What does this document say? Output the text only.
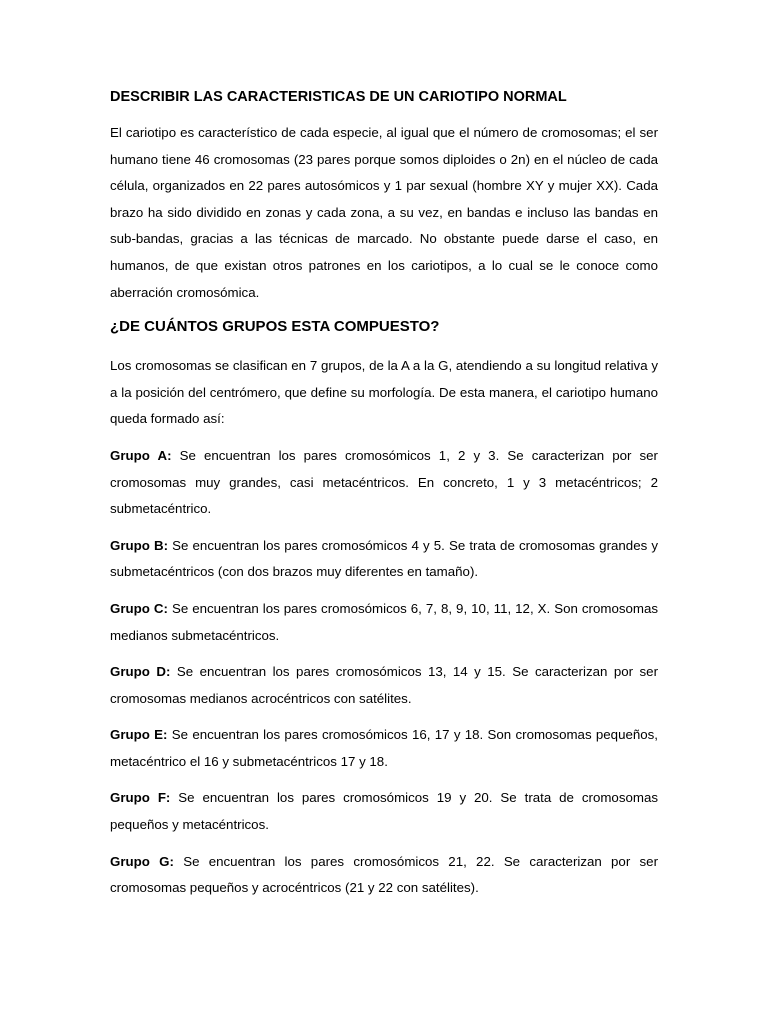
DESCRIBIR LAS CARACTERISTICAS DE UN CARIOTIPO NORMAL

El cariotipo es característico de cada especie, al igual que el número de cromosomas; el ser humano tiene 46 cromosomas (23 pares porque somos diploides o 2n) en el núcleo de cada célula, organizados en 22 pares autosómicos y 1 par sexual (hombre XY y mujer XX). Cada brazo ha sido dividido en zonas y cada zona, a su vez, en bandas e incluso las bandas en sub-bandas, gracias a las técnicas de marcado. No obstante puede darse el caso, en humanos, de que existan otros patrones en los cariotipos, a lo cual se le conoce como aberración cromosómica.

¿DE CUÁNTOS GRUPOS ESTA COMPUESTO?

Los cromosomas se clasifican en 7 grupos, de la A a la G, atendiendo a su longitud relativa y a la posición del centrómero, que define su morfología. De esta manera, el cariotipo humano queda formado así:

Grupo A: Se encuentran los pares cromosómicos 1, 2 y 3. Se caracterizan por ser cromosomas muy grandes, casi metacéntricos. En concreto, 1 y 3 metacéntricos; 2 submetacéntrico.

Grupo B: Se encuentran los pares cromosómicos 4 y 5. Se trata de cromosomas grandes y submetacéntricos (con dos brazos muy diferentes en tamaño).

Grupo C: Se encuentran los pares cromosómicos 6, 7, 8, 9, 10, 11, 12, X. Son cromosomas medianos submetacéntricos.

Grupo D: Se encuentran los pares cromosómicos 13, 14 y 15. Se caracterizan por ser cromosomas medianos acrocéntricos con satélites.

Grupo E: Se encuentran los pares cromosómicos 16, 17 y 18. Son cromosomas pequeños, metacéntrico el 16 y submetacéntricos 17 y 18.

Grupo F: Se encuentran los pares cromosómicos 19 y 20. Se trata de cromosomas pequeños y metacéntricos.

Grupo G: Se encuentran los pares cromosómicos 21, 22. Se caracterizan por ser cromosomas pequeños y acrocéntricos (21 y 22 con satélites).
